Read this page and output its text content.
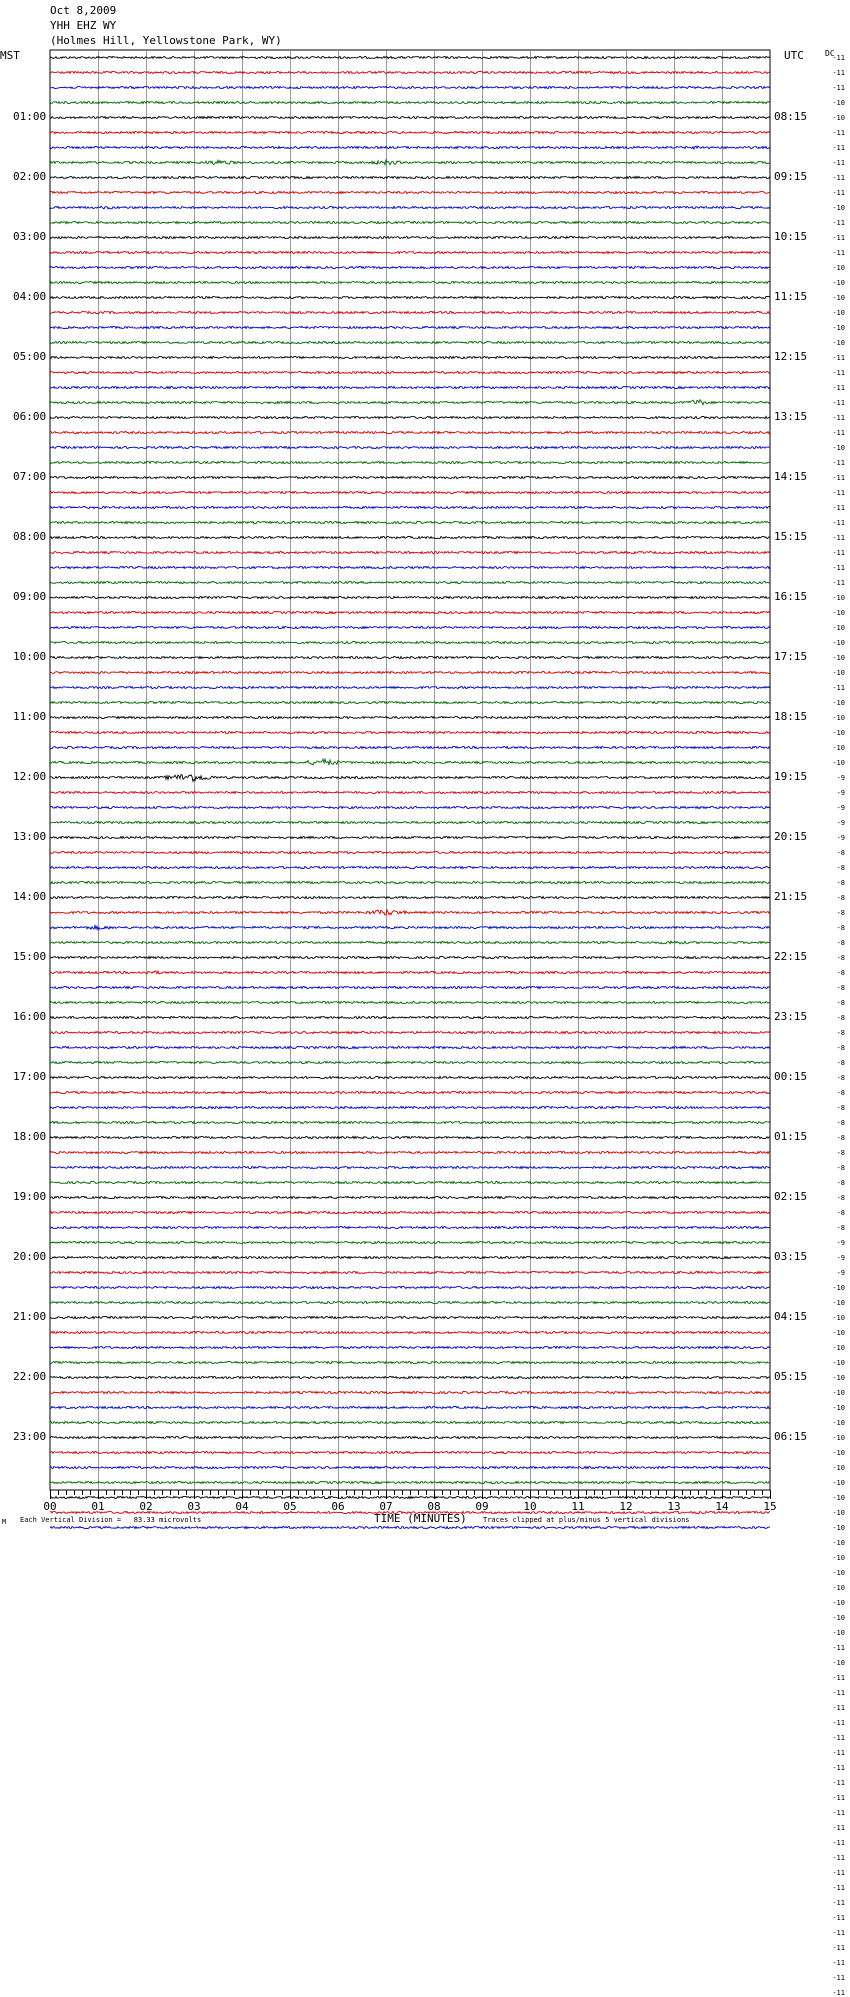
Oct 8,2009
YHH EHZ WY
(Holmes Hill, Yellowstone Park, WY)
MST	UTC	DC
01:00
02:00
03:00
04:00
05:00
06:00
07:00
08:00
09:00
10:00
11:00
12:00
13:00
14:00
15:00
16:00
17:00
18:00
19:00
20:00
21:00
22:00
23:00
08:15
09:15
10:15
11:15
12:15
13:15
14:15
15:15
16:15
17:15
18:15
19:15
20:15
21:15
22:15
23:15
00:15
01:15
02:15
03:15
04:15
05:15
06:15
-11
-11
-11
-10
-10
-11
-11
-11
-11
-11
-10
-11
-11
-11
-10
-10
-10
-10
-10
-10
-11
-11
-11
-11
-11
-11
-10
-11
-11
-11
-11
-11
-11
-11
-11
-11
-10
-10
-10
-10
-10
-10
-11
-10
-10
-10
-10
-10
-9
-9
-9
-9
-9
-8
-8
-8
-8
-8
-8
-8
-8
-8
-8
-8
-8
-8
-8
-8
-8
-8
-8
-8
-8
-8
-8
-8
-8
-8
-8
-9
-9
-9
-10
-10
-10
-10
-10
-10
-10
-10
-10
-10
-10
-10
-10
-10
-10
-10
-10
-10
-10
-10
-10
-10
-10
-10
-11
-10
-11
-11
-11
-11
-11
-11
-11
-11
-11
-11
-11
-11
-11
-11
-11
-11
-11
-11
-11
-11
-11
-11
00	01	02	03	04	05	06	07	08	09	10	11	12	13	14	15
M Each Vertical Division =   83.33 microvolts	TIME (MINUTES) Traces clipped at plus/minus 5 vertical divisions
